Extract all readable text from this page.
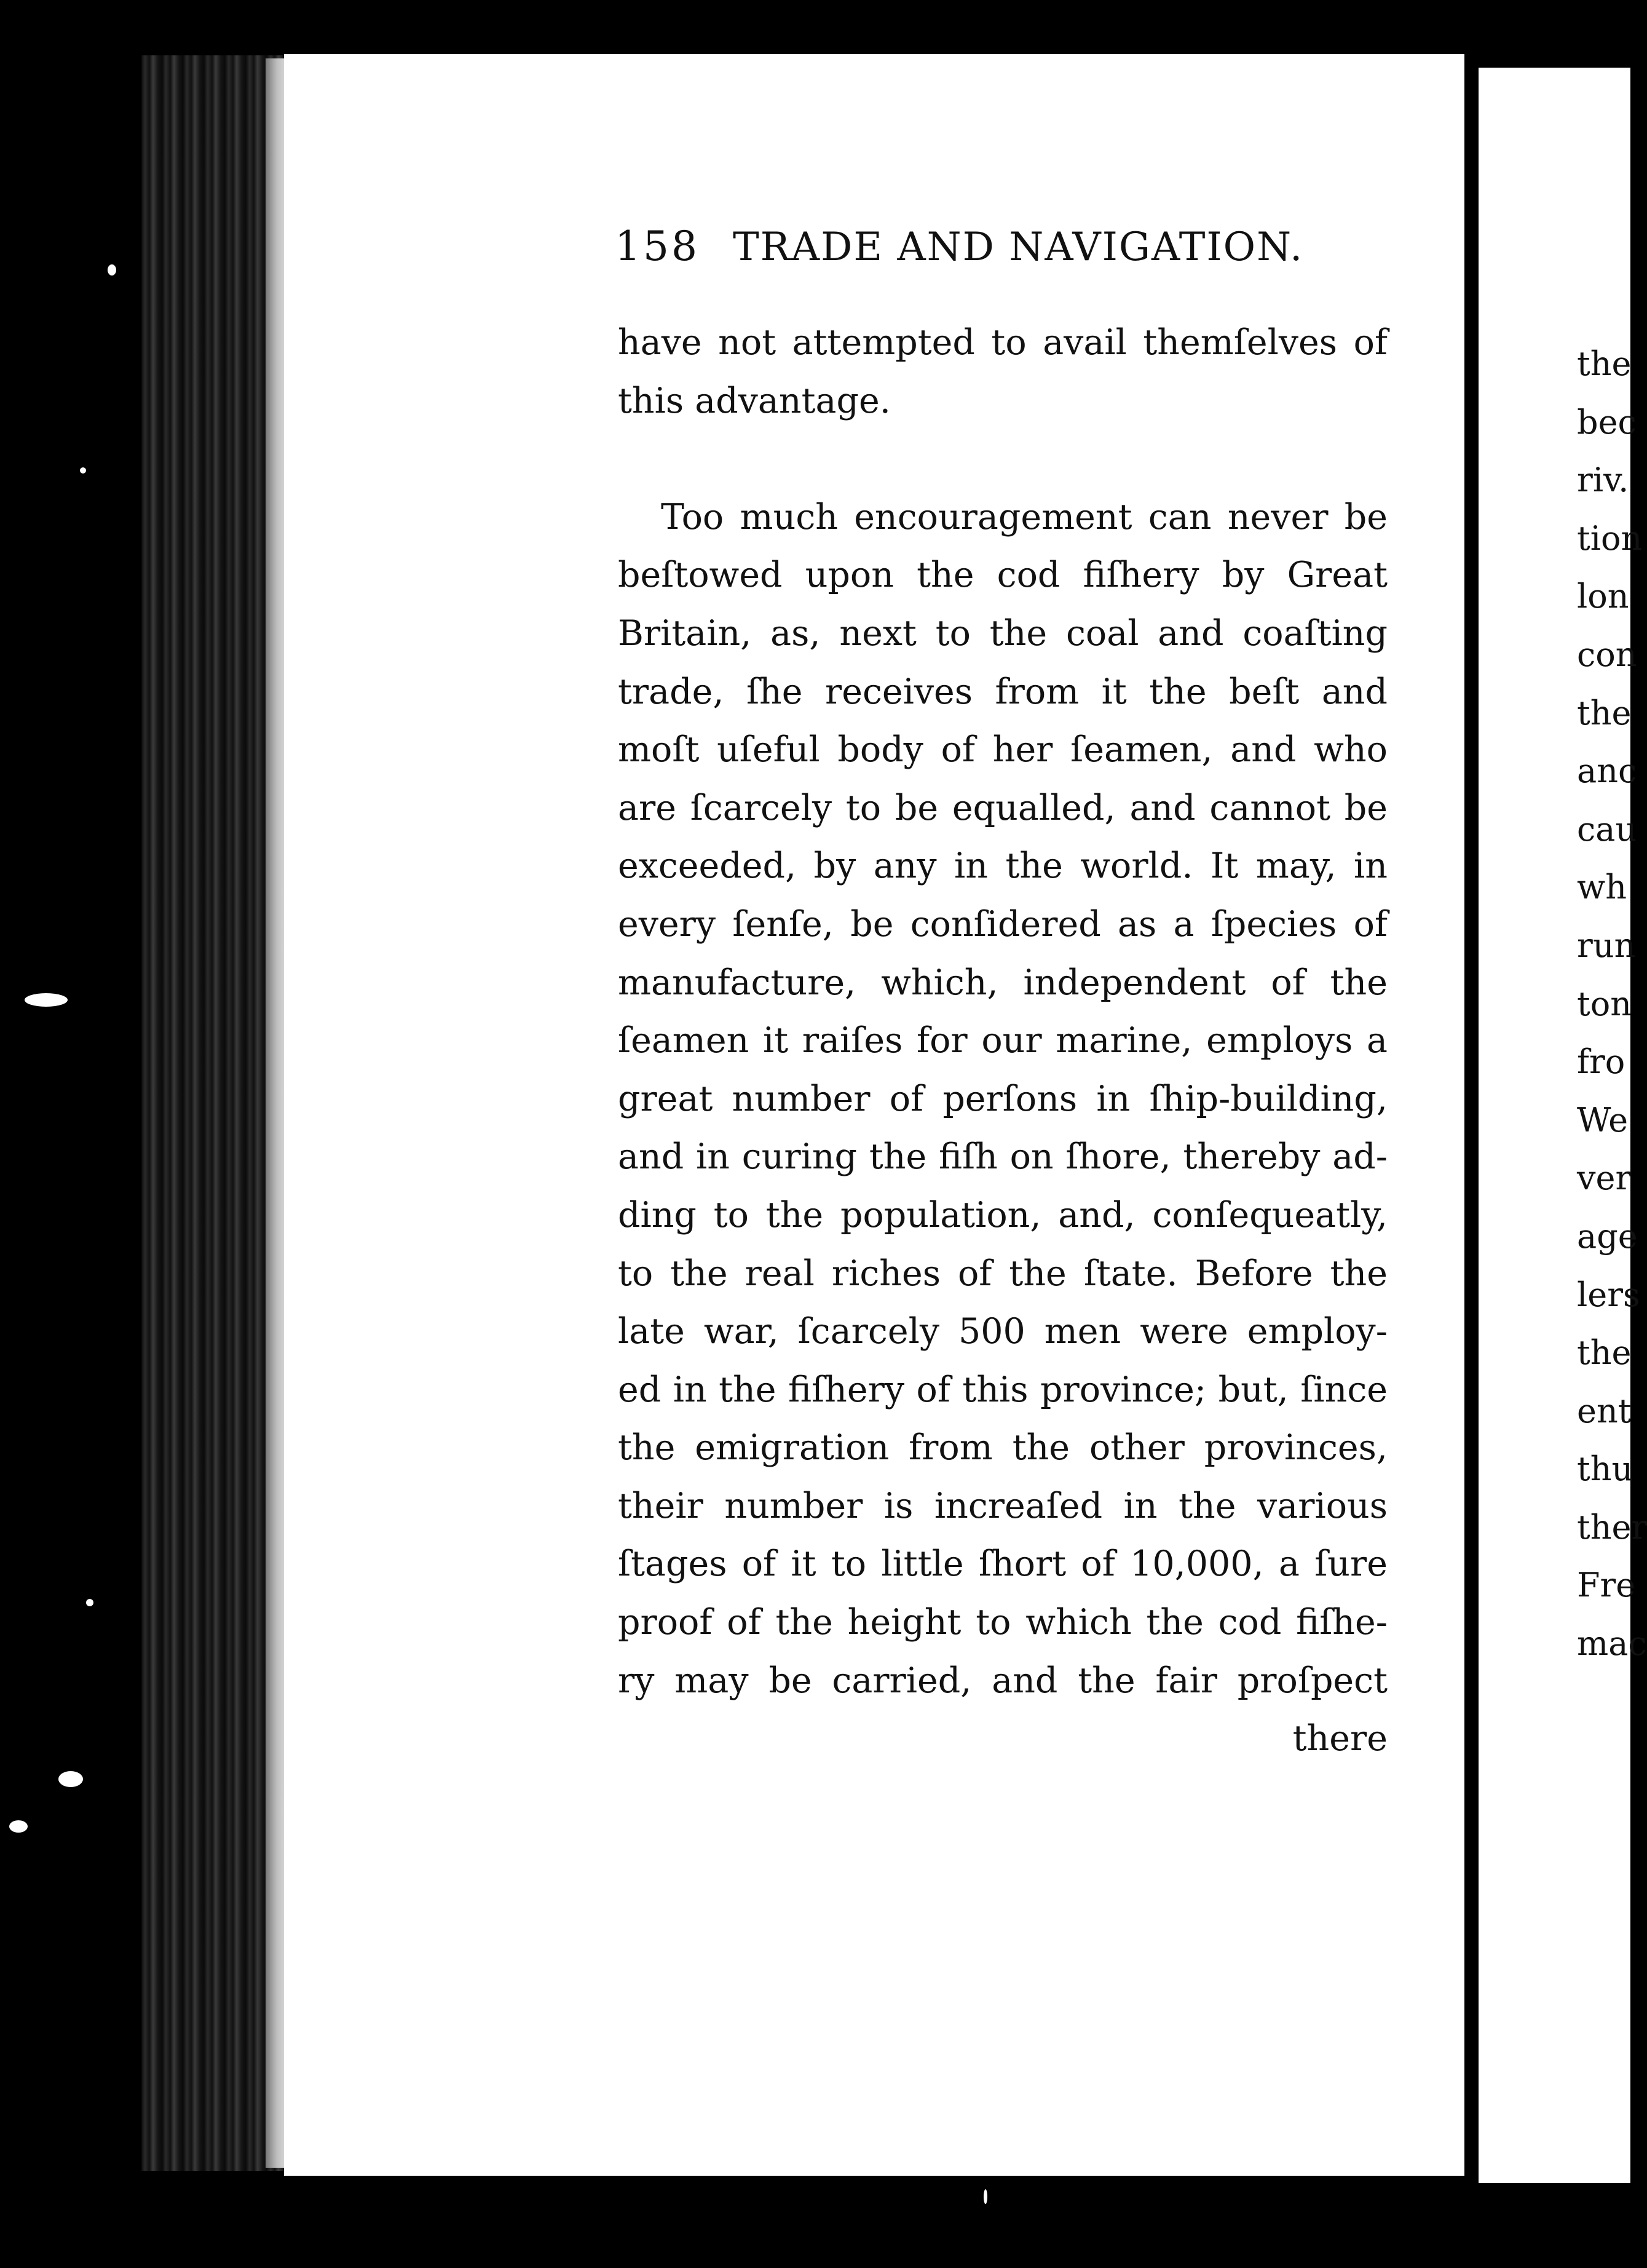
158 TRADE AND NAVIGATION.
have not attempted to avail themſelves of
this advantage.
Too much encouragement can never be
beſtowed upon the cod fiſhery by Great
Britain, as, next to the coal and coaſting
trade, ſhe receives from it the beſt and
moſt uſeful body of her ſeamen, and who
are ſcarcely to be equalled, and cannot be
exceeded, by any in the world. It may, in
every ſenſe, be conſidered as a ſpecies of
manufacture, which, independent of the
ſeamen it raiſes for our marine, employs a
great number of perſons in ſhip-building,
and in curing the fiſh on ſhore, thereby ad-
ding to the population, and, conſequeatly,
to the real riches of the ſtate. Before the
late war, ſcarcely 500 men were employ-
ed in the fiſhery of this province; but, ſince
the emigration from the other provinces,
their number is increaſed in the various
ſtages of it to little ſhort of 10,000, a ſure
proof of the height to which the cod fiſhe-
ry may be carried, and the fair proſpect
there
the
bec
riv.
tion
lon
con
the
anc
cau
wh
run
ton
fro
We
ver
age
lers
the
ent
thu
ther
Fre
mac
